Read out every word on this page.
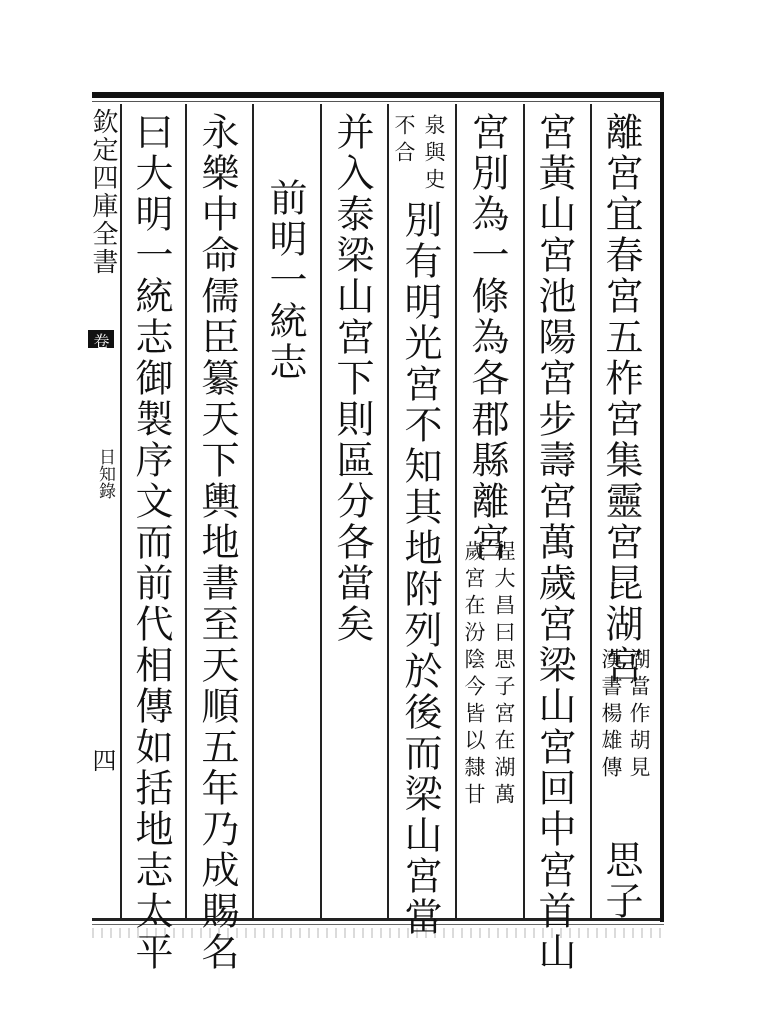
欽定四庫全書
卷
日知錄
四
離宮宜春宮五柞宮集靈宮昆湖宮
湖當作胡見
漢書楊雄傳
思子
宮黃山宮池陽宮步壽宮萬歲宮梁山宮回中宮首山
宮別為一條為各郡縣離宮
程大昌曰思子宮在湖萬
歲宮在汾陰今皆以隸甘
泉與史
不合
別有明光宮不知其地附列於後而梁山宮當
并入泰梁山宮下則區分各當矣
前明一統志
永樂中命儒臣纂天下輿地書至天順五年乃成賜名
曰大明一統志御製序文而前代相傳如括地志太平
